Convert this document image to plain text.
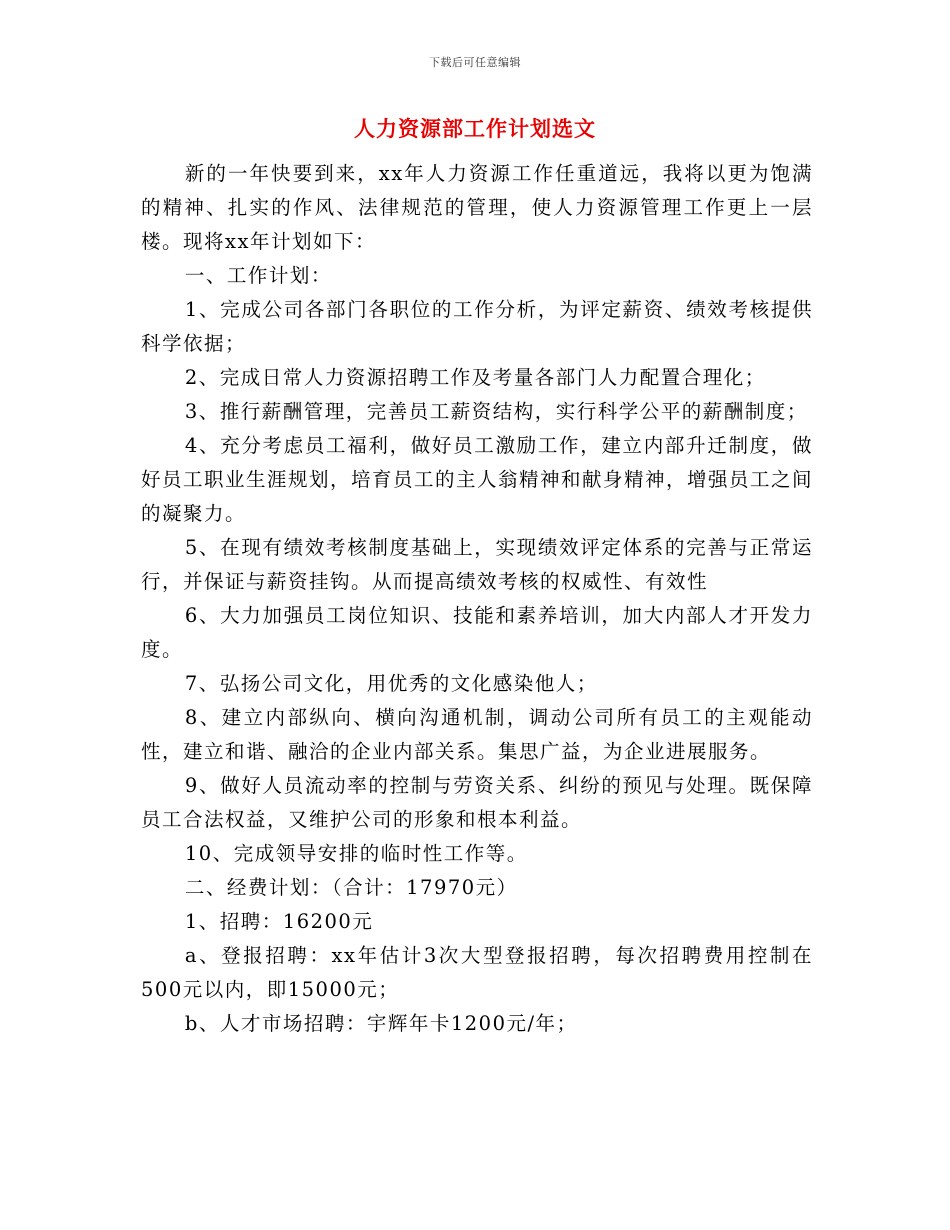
下载后可任意编辑
人力资源部工作计划选文

新的一年快要到来，xx年人力资源工作任重道远，我将以更为饱满的精神、扎实的作风、法律规范的管理，使人力资源管理工作更上一层楼。现将xx年计划如下：

一、工作计划：

1、完成公司各部门各职位的工作分析，为评定薪资、绩效考核提供科学依据；

2、完成日常人力资源招聘工作及考量各部门人力配置合理化；

3、推行薪酬管理，完善员工薪资结构，实行科学公平的薪酬制度；

4、充分考虑员工福利，做好员工激励工作，建立内部升迁制度，做好员工职业生涯规划，培育员工的主人翁精神和献身精神，增强员工之间的凝聚力。

5、在现有绩效考核制度基础上，实现绩效评定体系的完善与正常运行，并保证与薪资挂钩。从而提高绩效考核的权威性、有效性

6、大力加强员工岗位知识、技能和素养培训，加大内部人才开发力度。

7、弘扬公司文化，用优秀的文化感染他人；

8、建立内部纵向、横向沟通机制，调动公司所有员工的主观能动性，建立和谐、融洽的企业内部关系。集思广益，为企业进展服务。

9、做好人员流动率的控制与劳资关系、纠纷的预见与处理。既保障员工合法权益，又维护公司的形象和根本利益。

10、完成领导安排的临时性工作等。

二、经费计划：（合计：17970元）

1、招聘：16200元

a、登报招聘：xx年估计3次大型登报招聘，每次招聘费用控制在500元以内，即15000元；

b、人才市场招聘：宇辉年卡1200元/年；
